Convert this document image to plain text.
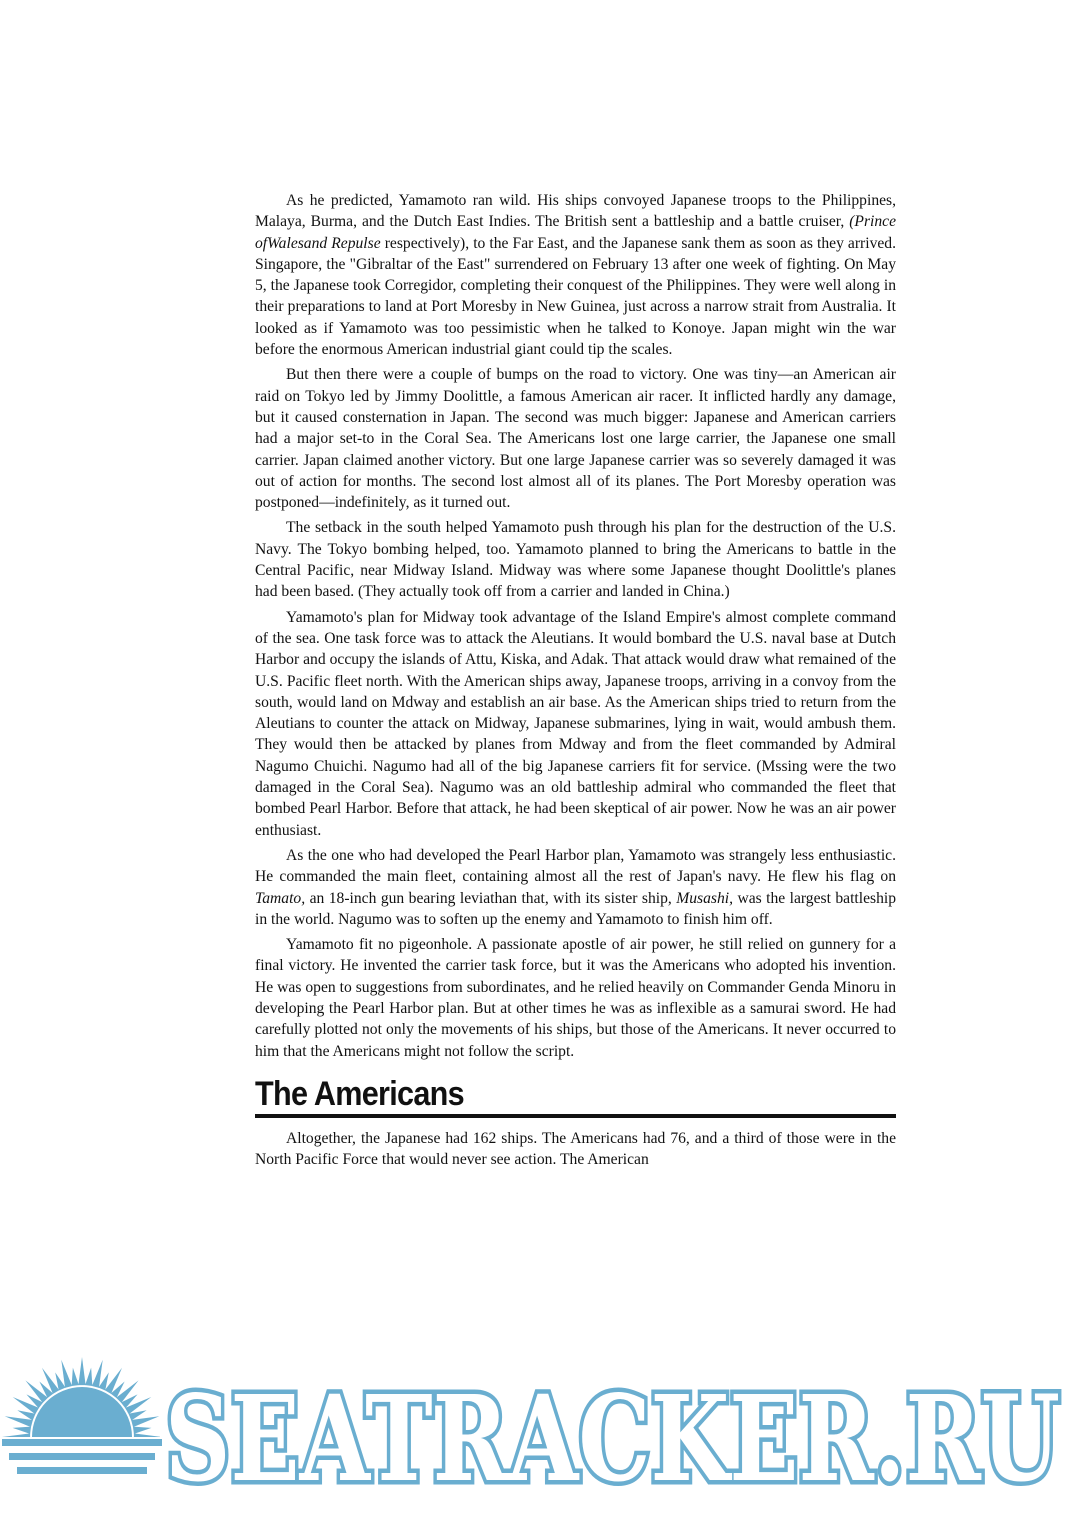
As he predicted, Yamamoto ran wild. His ships convoyed Japanese troops to the Philippines, Malaya, Burma, and the Dutch East Indies. The British sent a battleship and a battle cruiser, (Prince ofWalesand Repulse respectively), to the Far East, and the Japanese sank them as soon as they arrived. Singapore, the "Gibraltar of the East" surrendered on February 13 after one week of fighting. On May 5, the Japanese took Corregidor, completing their conquest of the Philippines. They were well along in their preparations to land at Port Moresby in New Guinea, just across a narrow strait from Australia. It looked as if Yamamoto was too pessimistic when he talked to Konoye. Japan might win the war before the enormous American industrial giant could tip the scales.

But then there were a couple of bumps on the road to victory. One was tiny—an American air raid on Tokyo led by Jimmy Doolittle, a famous American air racer. It inflicted hardly any damage, but it caused consternation in Japan. The second was much bigger: Japanese and American carriers had a major set-to in the Coral Sea. The Americans lost one large carrier, the Japanese one small carrier. Japan claimed another victory. But one large Japanese carrier was so severely damaged it was out of action for months. The second lost almost all of its planes. The Port Moresby operation was postponed—indefinitely, as it turned out.

The setback in the south helped Yamamoto push through his plan for the destruction of the U.S. Navy. The Tokyo bombing helped, too. Yamamoto planned to bring the Americans to battle in the Central Pacific, near Midway Island. Midway was where some Japanese thought Doolittle's planes had been based. (They actually took off from a carrier and landed in China.)

Yamamoto's plan for Midway took advantage of the Island Empire's almost complete command of the sea. One task force was to attack the Aleutians. It would bombard the U.S. naval base at Dutch Harbor and occupy the islands of Attu, Kiska, and Adak. That attack would draw what remained of the U.S. Pacific fleet north. With the American ships away, Japanese troops, arriving in a convoy from the south, would land on Mdway and establish an air base. As the American ships tried to return from the Aleutians to counter the attack on Midway, Japanese submarines, lying in wait, would ambush them. They would then be attacked by planes from Mdway and from the fleet commanded by Admiral Nagumo Chuichi. Nagumo had all of the big Japanese carriers fit for service. (Mssing were the two damaged in the Coral Sea). Nagumo was an old battleship admiral who commanded the fleet that bombed Pearl Harbor. Before that attack, he had been skeptical of air power. Now he was an air power enthusiast.

As the one who had developed the Pearl Harbor plan, Yamamoto was strangely less enthusiastic. He commanded the main fleet, containing almost all the rest of Japan's navy. He flew his flag on Tamato, an 18-inch gun bearing leviathan that, with its sister ship, Musashi, was the largest battleship in the world. Nagumo was to soften up the enemy and Yamamoto to finish him off.

Yamamoto fit no pigeonhole. A passionate apostle of air power, he still relied on gunnery for a final victory. He invented the carrier task force, but it was the Americans who adopted his invention. He was open to suggestions from subordinates, and he relied heavily on Commander Genda Minoru in developing the Pearl Harbor plan. But at other times he was as inflexible as a samurai sword. He had carefully plotted not only the movements of his ships, but those of the Americans. It never occurred to him that the Americans might not follow the script.

The Americans

Altogether, the Japanese had 162 ships. The Americans had 76, and a third of those were in the North Pacific Force that would never see action. The American

SEATRACKER.RU
SEATRACKER.RU
